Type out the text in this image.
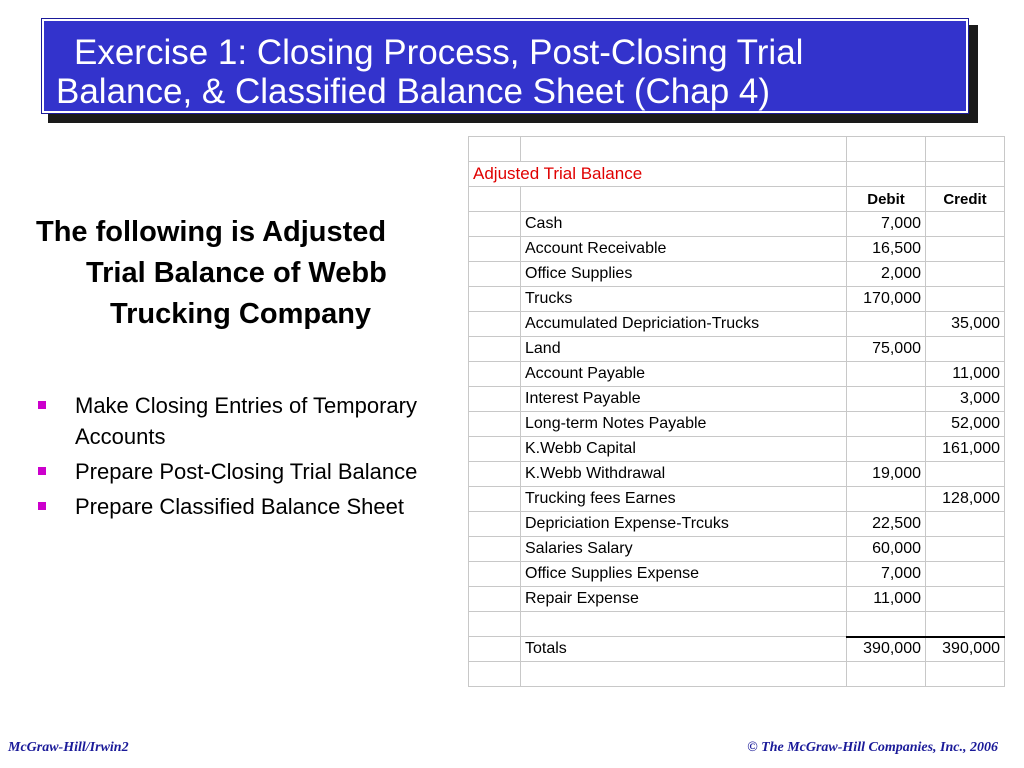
Exercise 1: Closing Process, Post-Closing Trial
Balance, & Classified Balance Sheet (Chap 4)
The following is Adjusted
Trial Balance of Webb
Trucking Company
Make Closing Entries of Temporary Accounts
Prepare Post-Closing Trial Balance
Prepare Classified Balance Sheet

Adjusted Trial Balance			
		Debit	Credit
	Cash	7,000	
	Account Receivable	16,500	
	Office Supplies	2,000	
	Trucks	170,000	
	Accumulated Depriciation-Trucks		35,000
	Land	75,000	
	Account Payable		11,000
	Interest Payable		3,000
	Long-term Notes Payable		52,000
	K.Webb Capital		161,000
	K.Webb Withdrawal	19,000	
	Trucking fees Earnes		128,000
	Depriciation Expense-Trcuks	22,500	
	Salaries Salary	60,000	
	Office Supplies Expense	7,000	
	Repair Expense	11,000	

	Totals	390,000	390,000

McGraw-Hill/Irwin2	© The McGraw-Hill Companies, Inc., 2006
